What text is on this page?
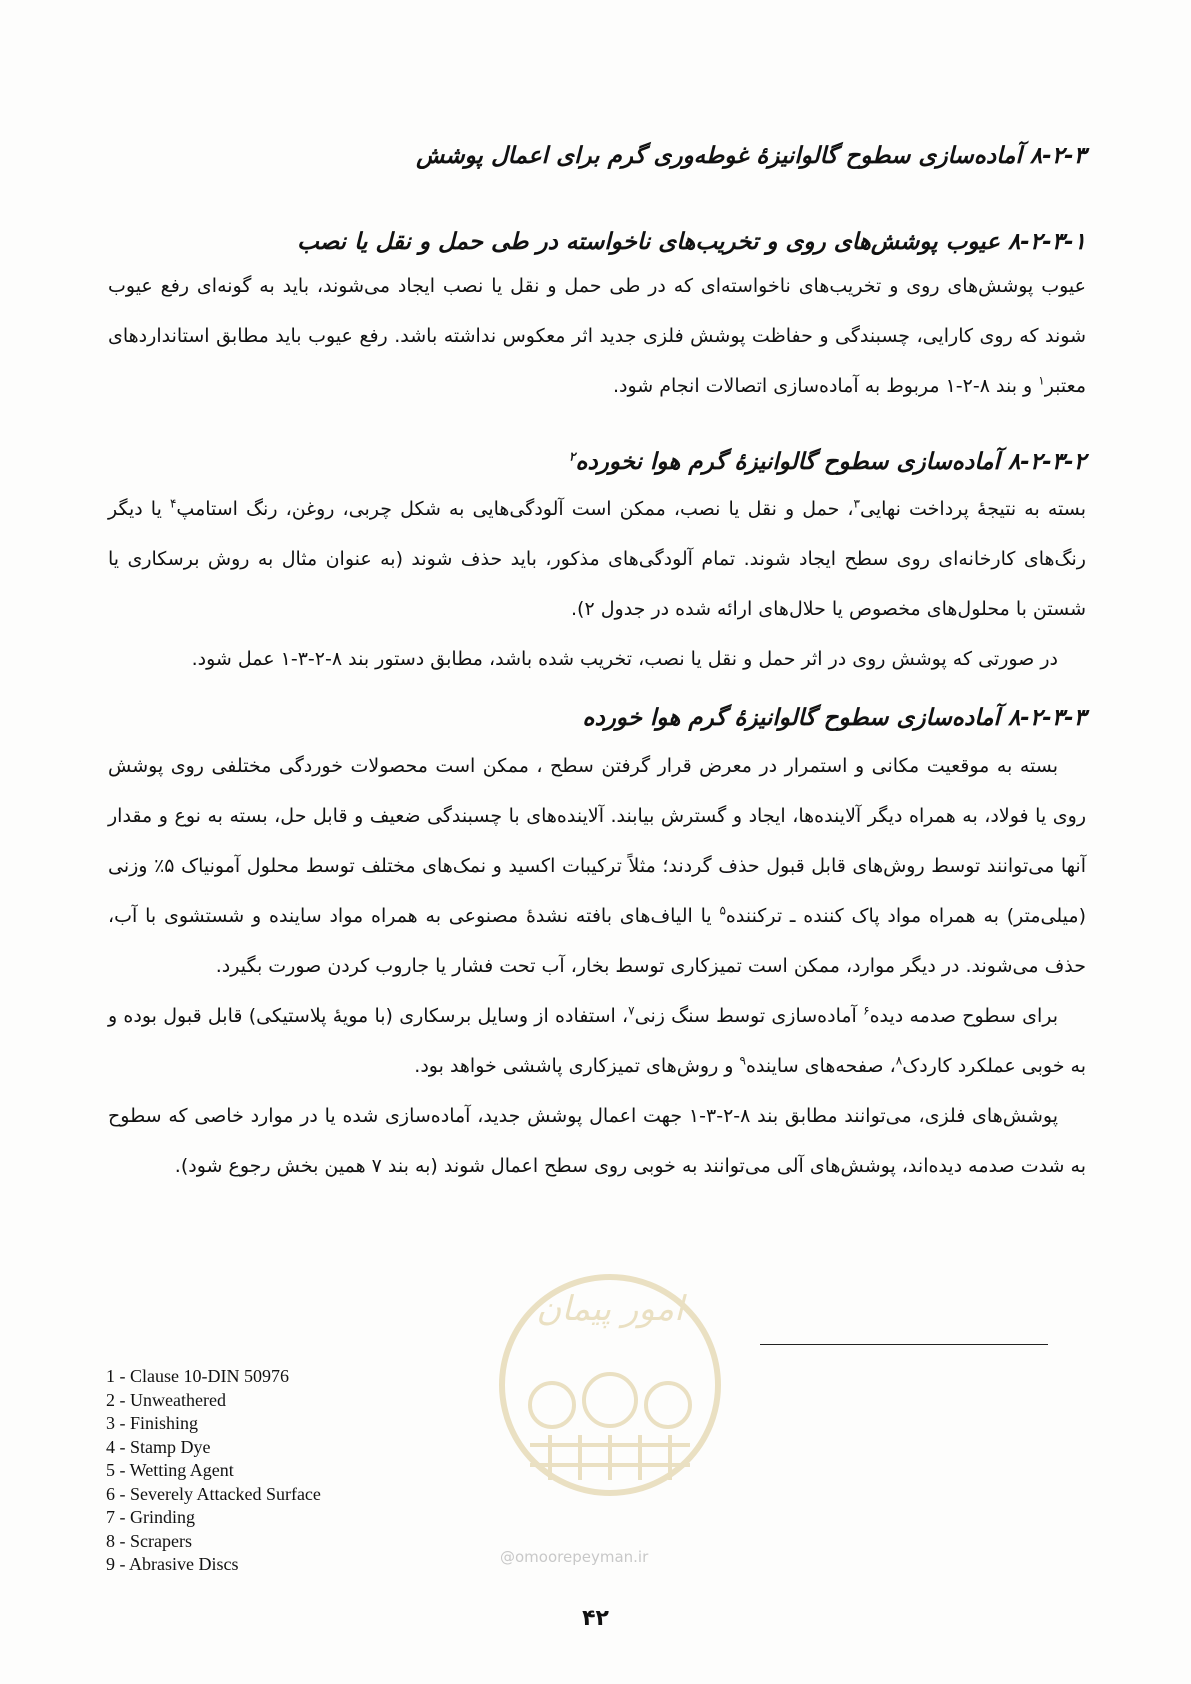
۸-۲-۳ آماده‌سازی سطوح گالوانیزۀ غوطه‌وری گرم برای اعمال پوشش
۸-۲-۳-۱ عیوب پوشش‌های روی و تخریب‌های ناخواسته در طی حمل و نقل یا نصب

عیوب پوشش‌های روی و تخریب‌های ناخواسته‌ای که در طی حمل و نقل یا نصب ایجاد می‌شوند، باید به گونه‌ای رفع عیوب شوند که روی کارایی، چسبندگی و حفاظت پوشش فلزی جدید اثر معکوس نداشته باشد. رفع عیوب باید مطابق استانداردهای معتبر$^۱$ و بند ۸-۲-۱ مربوط به آماده‌سازی اتصالات انجام شود.

۸-۲-۳-۲ آماده‌سازی سطوح گالوانیزۀ گرم هوا نخورده$^۲$

بسته به نتیجۀ پرداخت نهایی$^۳$، حمل و نقل یا نصب، ممکن است آلودگی‌هایی به شکل چربی، روغن، رنگ استامپ$^۴$ یا دیگر رنگ‌های کارخانه‌ای روی سطح ایجاد شوند. تمام آلودگی‌های مذکور، باید حذف شوند (به عنوان مثال به روش برسکاری یا شستن با محلول‌های مخصوص یا حلال‌های ارائه شده در جدول ۲).

در صورتی که پوشش روی در اثر حمل و نقل یا نصب، تخریب شده باشد، مطابق دستور بند ۸-۲-۳-۱ عمل شود.

۸-۲-۳-۳ آماده‌سازی سطوح گالوانیزۀ گرم هوا خورده

بسته به موقعیت مکانی و استمرار در معرض قرار گرفتن سطح ، ممکن است محصولات خوردگی مختلفی روی پوشش روی یا فولاد، به همراه دیگر آلاینده‌ها، ایجاد و گسترش بیابند. آلاینده‌های با چسبندگی ضعیف و قابل حل، بسته به نوع و مقدار آنها می‌توانند توسط روش‌های قابل قبول حذف گردند؛ مثلاً ترکیبات اکسید و نمک‌های مختلف توسط محلول آمونیاک ۵٪ وزنی (میلی‌متر) به همراه مواد پاک کننده ـ ترکننده$^۵$ یا الیاف‌های بافته نشدۀ مصنوعی به همراه مواد ساینده و شستشوی با آب، حذف می‌شوند. در دیگر موارد، ممکن است تمیزکاری توسط بخار، آب تحت فشار یا جاروب کردن صورت بگیرد.

برای سطوح صدمه دیده$^۶$ آماده‌سازی توسط سنگ زنی$^۷$، استفاده از وسایل برسکاری (با مویۀ پلاستیکی) قابل قبول بوده و به خوبی عملکرد کاردک$^۸$، صفحه‌های ساینده$^۹$ و روش‌های تمیزکاری پاششی خواهد بود.

پوشش‌های فلزی، می‌توانند مطابق بند ۸-۲-۳-۱ جهت اعمال پوشش جدید، آماده‌سازی شده یا در موارد خاصی که سطوح به شدت صدمه دیده‌اند، پوشش‌های آلی می‌توانند به خوبی روی سطح اعمال شوند (به بند ۷ همین بخش رجوع شود).

امور پیمان
@omoorepeyman.ir
1 - Clause 10-DIN 50976
2 - Unweathered
3 - Finishing
4 - Stamp Dye
5 - Wetting Agent
6 - Severely Attacked Surface
7 - Grinding
8 - Scrapers
9 - Abrasive Discs
۴۲
